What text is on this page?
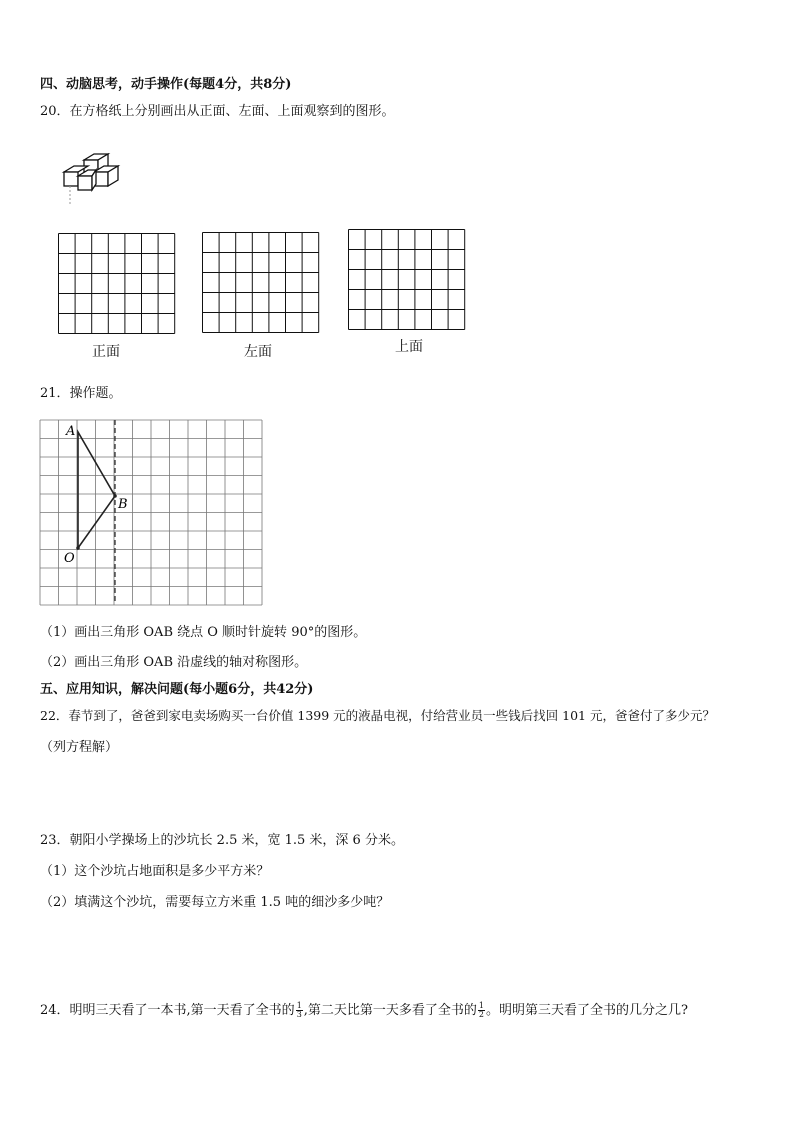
四、动脑思考，动手操作(每题4分，共8分)
20．在方格纸上分别画出从正面、左面、上面观察到的图形。
正面	左面	上面
21．操作题。
A
B
O
（1）画出三角形 OAB 绕点 O 顺时针旋转 90°的图形。
（2）画出三角形 OAB 沿虚线的轴对称图形。
五、应用知识，解决问题(每小题6分，共42分)
22．春节到了，爸爸到家电卖场购买一台价值 1399 元的液晶电视，付给营业员一些钱后找回 101 元，爸爸付了多少元？
（列方程解）
23．朝阳小学操场上的沙坑长 2.5 米，宽 1.5 米，深 6 分米。
（1）这个沙坑占地面积是多少平方米？
（2）填满这个沙坑，需要每立方米重 1.5 吨的细沙多少吨？
24．明明三天看了一本书,第一天看了全书的 $\frac{1}{3}$ ,第二天比第一天多看了全书的 $\frac{1}{2}$ 。明明第三天看了全书的几分之几?
